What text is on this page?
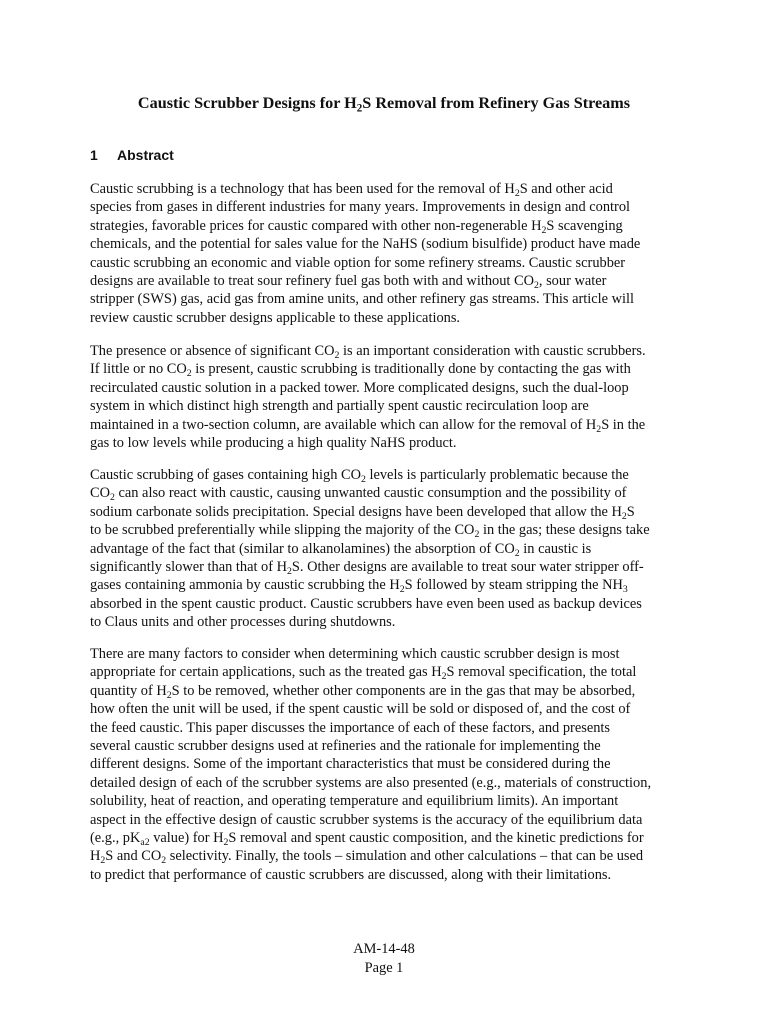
Caustic Scrubber Designs for $H_2S$ Removal from Refinery Gas Streams
1 Abstract
Caustic scrubbing is a technology that has been used for the removal of $H_2S$ and other acid
species from gases in different industries for many years. Improvements in design and control
strategies, favorable prices for caustic compared with other non-regenerable $H_2S$ scavenging
chemicals, and the potential for sales value for the NaHS (sodium bisulfide) product have made
caustic scrubbing an economic and viable option for some refinery streams. Caustic scrubber
designs are available to treat sour refinery fuel gas both with and without $CO_2$, sour water
stripper (SWS) gas, acid gas from amine units, and other refinery gas streams. This article will
review caustic scrubber designs applicable to these applications.
The presence or absence of significant $CO_2$ is an important consideration with caustic scrubbers.
If little or no $CO_2$ is present, caustic scrubbing is traditionally done by contacting the gas with
recirculated caustic solution in a packed tower. More complicated designs, such the dual-loop
system in which distinct high strength and partially spent caustic recirculation loop are
maintained in a two-section column, are available which can allow for the removal of $H_2S$ in the
gas to low levels while producing a high quality NaHS product.
Caustic scrubbing of gases containing high $CO_2$ levels is particularly problematic because the
$CO_2$ can also react with caustic, causing unwanted caustic consumption and the possibility of
sodium carbonate solids precipitation. Special designs have been developed that allow the $H_2S$
to be scrubbed preferentially while slipping the majority of the $CO_2$ in the gas; these designs take
advantage of the fact that (similar to alkanolamines) the absorption of $CO_2$ in caustic is
significantly slower than that of $H_2S$. Other designs are available to treat sour water stripper off-
gases containing ammonia by caustic scrubbing the $H_2S$ followed by steam stripping the $NH_3$
absorbed in the spent caustic product. Caustic scrubbers have even been used as backup devices
to Claus units and other processes during shutdowns.
There are many factors to consider when determining which caustic scrubber design is most
appropriate for certain applications, such as the treated gas $H_2S$ removal specification, the total
quantity of $H_2S$ to be removed, whether other components are in the gas that may be absorbed,
how often the unit will be used, if the spent caustic will be sold or disposed of, and the cost of
the feed caustic. This paper discusses the importance of each of these factors, and presents
several caustic scrubber designs used at refineries and the rationale for implementing the
different designs. Some of the important characteristics that must be considered during the
detailed design of each of the scrubber systems are also presented (e.g., materials of construction,
solubility, heat of reaction, and operating temperature and equilibrium limits). An important
aspect in the effective design of caustic scrubber systems is the accuracy of the equilibrium data
(e.g., $pK_{a2}$ value) for $H_2S$ removal and spent caustic composition, and the kinetic predictions for
$H_2S$ and $CO_2$ selectivity. Finally, the tools – simulation and other calculations – that can be used
to predict that performance of caustic scrubbers are discussed, along with their limitations.
AM-14-48
Page 1
